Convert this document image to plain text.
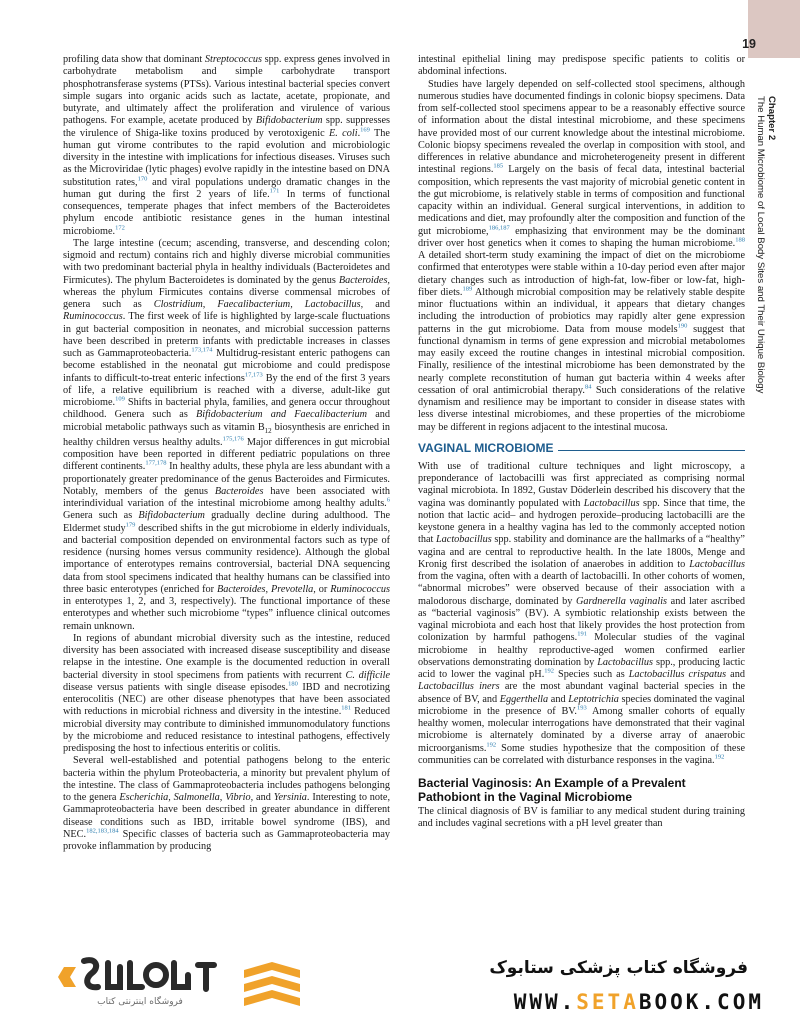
19
Chapter 2
The Human Microbiome of Local Body Sites and Their Unique Biology

profiling data show that dominant Streptococcus spp. express genes involved in carbohydrate metabolism and simple carbohydrate transport phosphotransferase systems (PTSs). Various intestinal bacterial species convert simple sugars into organic acids such as lactate, acetate, propionate, and butyrate, and ultimately affect the proliferation and virulence of various pathogens. For example, acetate produced by Bifidobacterium spp. suppresses the virulence of Shiga-like toxins produced by verotoxigenic E. coli.$^{169}$ The human gut virome contributes to the rapid evolution and microbiologic diversity in the intestine with implications for infectious diseases. Viruses such as the Microviridae (lytic phages) evolve rapidly in the intestine based on DNA substitution rates,$^{170}$ and viral populations undergo dramatic changes in the human gut during the first 2 years of life.$^{171}$ In terms of functional consequences, temperate phages that infect members of the Bacteroidetes phylum encode antibiotic resistance genes in the human intestinal microbiome.$^{172}$

The large intestine (cecum; ascending, transverse, and descending colon; sigmoid and rectum) contains rich and highly diverse microbial communities with two predominant bacterial phyla in healthy individuals (Bacteroidetes and Firmicutes). The phylum Bacteroidetes is dominated by the genus Bacteroides, whereas the phylum Firmicutes contains diverse commensal microbes of genera such as Clostridium, Faecalibacterium, Lactobacillus, and Ruminococcus. The first week of life is highlighted by large-scale fluctuations in gut bacterial composition in neonates, and microbial succession patterns have been described in preterm infants with predictable increases in classes such as Gammaproteobacteria.$^{173,174}$ Multidrug-resistant enteric pathogens can become established in the neonatal gut microbiome and could predispose infants to difficult-to-treat enteric infections$^{17,173}$ By the end of the first 3 years of life, a relative equilibrium is reached with a diverse, adult-like gut microbiome.$^{109}$ Shifts in bacterial phyla, families, and genera occur throughout childhood. Genera such as Bifidobacterium and Faecalibacterium and microbial metabolic pathways such as vitamin $B_{12}$ biosynthesis are enriched in healthy children versus healthy adults.$^{175,176}$ Major differences in gut microbial composition have been reported in different pediatric populations on three different continents.$^{177,178}$ In healthy adults, these phyla are less abundant with a proportionately greater predominance of the genus Bacteroides and Firmicutes. Notably, members of the genus Bacteroides have been associated with interindividual variation of the intestinal microbiome among healthy adults.$^6$ Genera such as Bifidobacterium gradually decline during adulthood. The Eldermet study$^{179}$ described shifts in the gut microbiome in elderly individuals, and bacterial composition depended on environmental factors such as type of residence (nursing homes versus community residence). Although the global importance of enterotypes remains controversial, bacterial DNA sequencing data from stool specimens indicated that healthy humans can be classified into three basic enterotypes (enriched for Bacteroides, Prevotella, or Ruminococcus in enterotypes 1, 2, and 3, respectively). The functional importance of these enterotypes and whether such microbiome “types” influence clinical outcomes remain unknown.

In regions of abundant microbial diversity such as the intestine, reduced diversity has been associated with increased disease susceptibility and disease relapse in the intestine. One example is the documented reduction in overall bacterial diversity in stool specimens from patients with recurrent C. difficile disease versus patients with single disease episodes.$^{180}$ IBD and necrotizing enterocolitis (NEC) are other disease phenotypes that have been associated with reductions in microbial richness and diversity in the intestine.$^{181}$ Reduced microbial diversity may contribute to diminished immunomodulatory functions by the microbiome and reduced resistance to intestinal pathogens, effectively predisposing the host to infectious enteritis or colitis.

Several well-established and potential pathogens belong to the enteric bacteria within the phylum Proteobacteria, a minority but prevalent phylum of the intestine. The class of Gammaproteobacteria includes pathogens belonging to the genera Escherichia, Salmonella, Vibrio, and Yersinia. Interesting to note, Gammaproteobacteria have been described in greater abundance in different disease conditions such as IBD, irritable bowel syndrome (IBS), and NEC.$^{182,183,184}$ Specific classes of bacteria such as Gammaproteobacteria may provoke inflammation by producing

intestinal epithelial lining may predispose specific patients to colitis or abdominal infections.

Studies have largely depended on self-collected stool specimens, although numerous studies have documented findings in colonic biopsy specimens. Data from self-collected stool specimens appear to be a reasonably effective source of information about the distal intestinal microbiome, and these specimens have provided most of our current knowledge about the intestinal microbiome. Colonic biopsy specimens revealed the overlap in composition with stool, and differences in relative abundance and microheterogeneity present in different intestinal regions.$^{185}$ Largely on the basis of fecal data, intestinal bacterial composition, which represents the vast majority of microbial genetic content in the gut microbiome, is relatively stable in terms of composition and functional capacity within an individual. General surgical interventions, in addition to medications and diet, may profoundly alter the composition and function of the gut microbiome,$^{186,187}$ emphasizing that environment may be the dominant driver over host genetics when it comes to shaping the human microbiome.$^{188}$ A detailed short-term study examining the impact of diet on the microbiome confirmed that enterotypes were stable within a 10-day period even after major dietary changes such as introduction of high-fat, low-fiber or low-fat, high-fiber diets.$^{189}$ Although microbial composition may be relatively stable despite minor fluctuations within an individual, it appears that dietary changes including the introduction of probiotics may rapidly alter gene expression patterns in the gut microbiome. Data from mouse models$^{190}$ suggest that functional dynamism in terms of gene expression and microbial metabolomes may easily exceed the routine changes in intestinal microbial composition. Finally, resilience of the intestinal microbiome has been demonstrated by the nearly complete reconstitution of human gut bacteria within 4 weeks after cessation of oral antimicrobial therapy.$^{84}$ Such considerations of the relative dynamism and resilience may be important to consider in disease states with less diverse intestinal microbiomes, and these properties of the microbiome may be different in regions adjacent to the intestinal mucosa.

VAGINAL MICROBIOME

With use of traditional culture techniques and light microscopy, a preponderance of lactobacilli was first appreciated as comprising normal vaginal microbiota. In 1892, Gustav Döderlein described his discovery that the vagina was dominantly populated with Lactobacillus spp. Since that time, the notion that lactic acid– and hydrogen peroxide–producing lactobacilli are the keystone genera in a healthy vagina has led to the commonly accepted notion that Lactobacillus spp. stability and dominance are the hallmarks of a “healthy” vagina and are central to reproductive health. In the late 1800s, Menge and Kronig first described the isolation of anaerobes in addition to Lactobacillus from the vagina, often with a dearth of lactobacilli. In other cohorts of women, “abnormal microbes” were observed because of their association with a malodorous discharge, dominated by Gardnerella vaginalis and later ascribed as “bacterial vaginosis” (BV). A symbiotic relationship exists between the vaginal microbiota and each host that likely provides the host protection from colonization by harmful pathogens.$^{191}$ Molecular studies of the vaginal microbiome in healthy reproductive-aged women confirmed earlier observations demonstrating domination by Lactobacillus spp., producing lactic acid to lower the vaginal pH.$^{192}$ Species such as Lactobacillus crispatus and Lactobacillus iners are the most abundant vaginal bacterial species in the absence of BV, and Eggerthella and Leptotrichia species dominated the vaginal microbiome in the presence of BV.$^{193}$ Among smaller cohorts of equally healthy women, molecular interrogations have demonstrated that their vaginal microbiome is alternately dominated by a diverse array of anaerobic microorganisms.$^{192}$ Some studies hypothesize that the composition of these communities can be correlated with disturbance responses in the vagina.$^{192}$

Bacterial Vaginosis: An Example of a Prevalent Pathobiont in the Vaginal Microbiome

The clinical diagnosis of BV is familiar to any medical student during training and includes vaginal secretions with a pH level greater than

فروشگاه اینترنتی کتاب
فروشگاه کتاب پزشکی ستابوک
WWW.SETABOOK.COM
